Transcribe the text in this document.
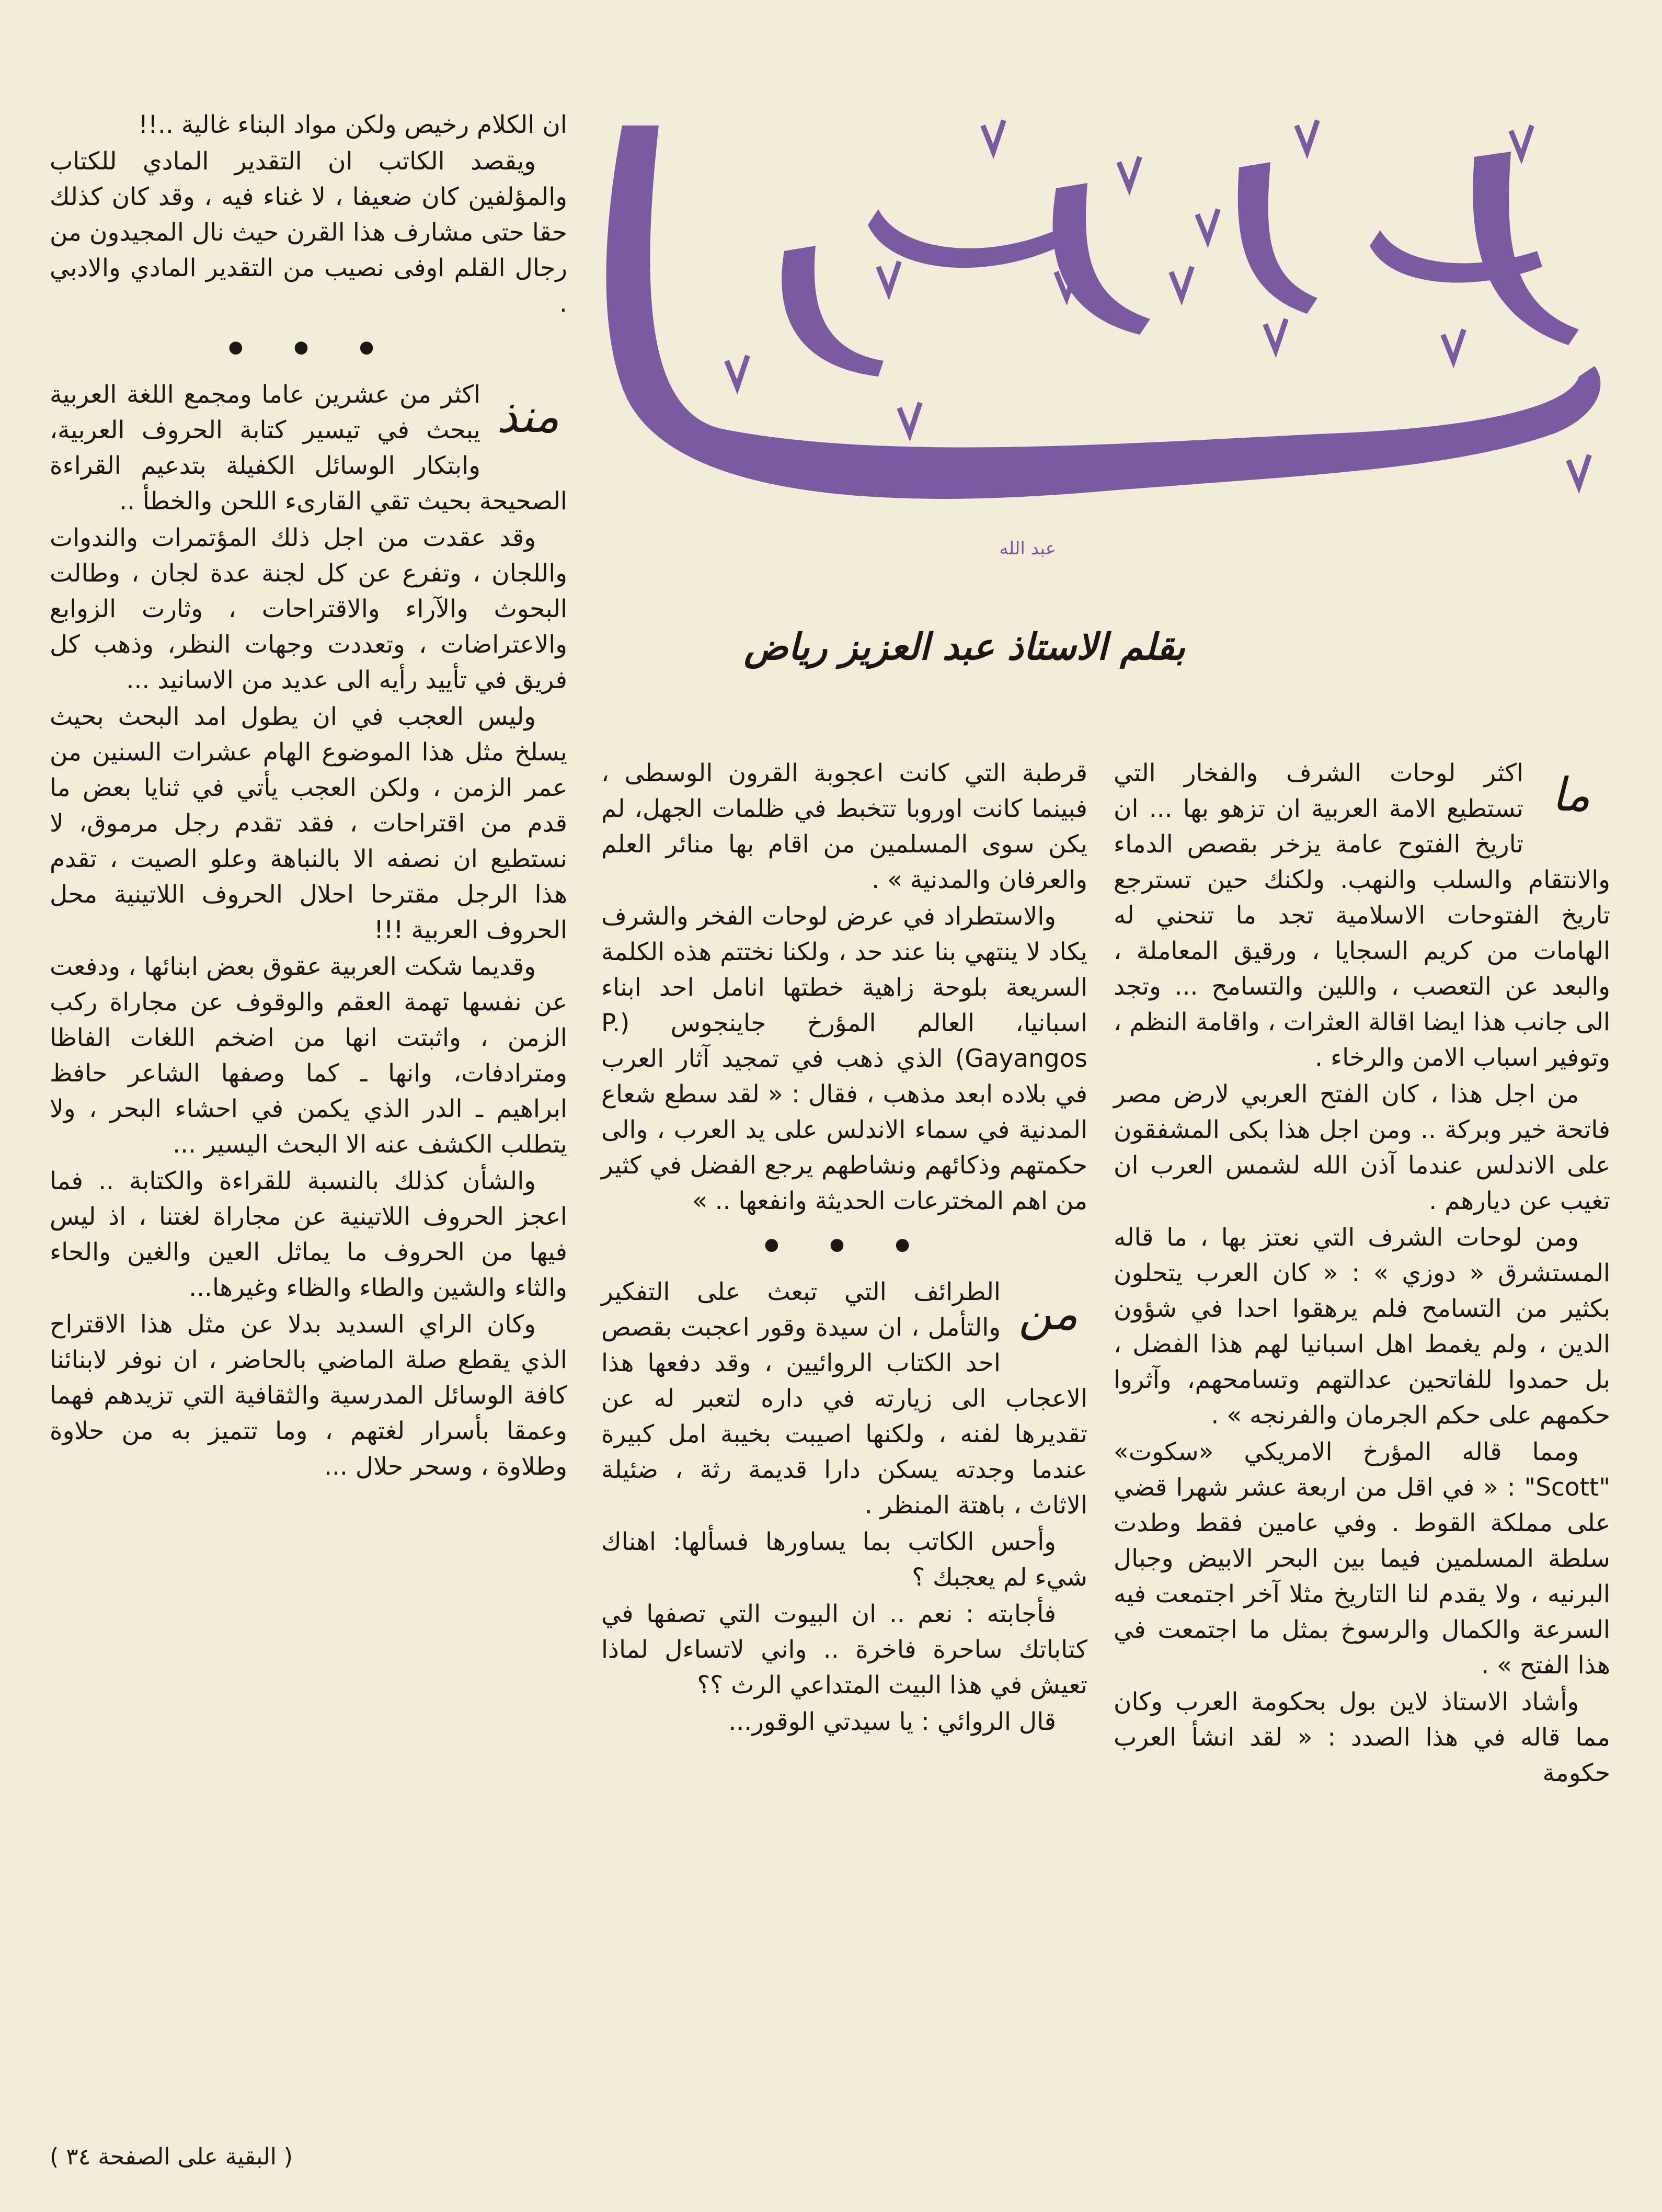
عبد الله
بقلم الاستاذ عبد العزيز رياض

ان الكلام رخيص ولكن مواد البناء غالية ..!!

ويقصد الكاتب ان التقدير المادي للكتاب والمؤلفين كان ضعيفا ، لا غناء فيه ، وقد كان كذلك حقا حتى مشارف هذا القرن حيث نال المجيدون من رجال القلم اوفى نصيب من التقدير المادي والادبي .

• • •

منذ
اكثر من عشرين عاما ومجمع اللغة العربية يبحث في تيسير كتابة الحروف العربية، وابتكار الوسائل الكفيلة بتدعيم القراءة الصحيحة بحيث تقي القارىء اللحن والخطأ ..

وقد عقدت من اجل ذلك المؤتمرات والندوات واللجان ، وتفرع عن كل لجنة عدة لجان ، وطالت البحوث والآراء والاقتراحات ، وثارت الزوابع والاعتراضات ، وتعددت وجهات النظر، وذهب كل فريق في تأييد رأيه الى عديد من الاسانيد ...

وليس العجب في ان يطول امد البحث بحيث يسلخ مثل هذا الموضوع الهام عشرات السنين من عمر الزمن ، ولكن العجب يأتي في ثنايا بعض ما قدم من اقتراحات ، فقد تقدم رجل مرموق، لا نستطيع ان نصفه الا بالنباهة وعلو الصيت ، تقدم هذا الرجل مقترحا احلال الحروف اللاتينية محل الحروف العربية !!!

وقديما شكت العربية عقوق بعض ابنائها ، ودفعت عن نفسها تهمة العقم والوقوف عن مجاراة ركب الزمن ، واثبتت انها من اضخم اللغات الفاظا ومترادفات، وانها ـ كما وصفها الشاعر حافظ ابراهيم ـ الدر الذي يكمن في احشاء البحر ، ولا يتطلب الكشف عنه الا البحث اليسير ...

والشأن كذلك بالنسبة للقراءة والكتابة .. فما اعجز الحروف اللاتينية عن مجاراة لغتنا ، اذ ليس فيها من الحروف ما يماثل العين والغين والحاء والثاء والشين والطاء والظاء وغيرها...

وكان الراي السديد بدلا عن مثل هذا الاقتراح الذي يقطع صلة الماضي بالحاضر ، ان نوفر لابنائنا كافة الوسائل المدرسية والثقافية التي تزيدهم فهما وعمقا بأسرار لغتهم ، وما تتميز به من حلاوة وطلاوة ، وسحر حلال ...

( البقية على الصفحة ٣٤ )

قرطبة التي كانت اعجوبة القرون الوسطى ، فبينما كانت اوروبا تتخبط في ظلمات الجهل، لم يكن سوى المسلمين من اقام بها منائر العلم والعرفان والمدنية » .

والاستطراد في عرض لوحات الفخر والشرف يكاد لا ينتهي بنا عند حد ، ولكنا نختتم هذه الكلمة السريعة بلوحة زاهية خطتها انامل احد ابناء اسبانيا، العالم المؤرخ جاينجوس (P. Gayangos) الذي ذهب في تمجيد آثار العرب في بلاده ابعد مذهب ، فقال : « لقد سطع شعاع المدنية في سماء الاندلس على يد العرب ، والى حكمتهم وذكائهم ونشاطهم يرجع الفضل في كثير من اهم المخترعات الحديثة وانفعها .. »

• • •

من
الطرائف التي تبعث على التفكير والتأمل ، ان سيدة وقور اعجبت بقصص احد الكتاب الروائيين ، وقد دفعها هذا الاعجاب الى زيارته في داره لتعبر له عن تقديرها لفنه ، ولكنها اصيبت بخيبة امل كبيرة عندما وجدته يسكن دارا قديمة رثة ، ضئيلة الاثاث ، باهتة المنظر .

وأحس الكاتب بما يساورها فسألها: اهناك شيء لم يعجبك ؟

فأجابته : نعم .. ان البيوت التي تصفها في كتاباتك ساحرة فاخرة .. واني لاتساءل لماذا تعيش في هذا البيت المتداعي الرث ؟؟

قال الروائي : يا سيدتي الوقور...

ما
اكثر لوحات الشرف والفخار التي تستطيع الامة العربية ان تزهو بها ... ان تاريخ الفتوح عامة يزخر بقصص الدماء والانتقام والسلب والنهب. ولكنك حين تسترجع تاريخ الفتوحات الاسلامية تجد ما تنحني له الهامات من كريم السجايا ، ورقيق المعاملة ، والبعد عن التعصب ، واللين والتسامح ... وتجد الى جانب هذا ايضا اقالة العثرات ، واقامة النظم ، وتوفير اسباب الامن والرخاء .

من اجل هذا ، كان الفتح العربي لارض مصر فاتحة خير وبركة .. ومن اجل هذا بكى المشفقون على الاندلس عندما آذن الله لشمس العرب ان تغيب عن ديارهم .

ومن لوحات الشرف التي نعتز بها ، ما قاله المستشرق « دوزي » : « كان العرب يتحلون بكثير من التسامح فلم يرهقوا احدا في شؤون الدين ، ولم يغمط اهل اسبانيا لهم هذا الفضل ، بل حمدوا للفاتحين عدالتهم وتسامحهم، وآثروا حكمهم على حكم الجرمان والفرنجه » .

ومما قاله المؤرخ الامريكي «سكوت» "Scott" : « في اقل من اربعة عشر شهرا قضي على مملكة القوط . وفي عامين فقط وطدت سلطة المسلمين فيما بين البحر الابيض وجبال البرنيه ، ولا يقدم لنا التاريخ مثلا آخر اجتمعت فيه السرعة والكمال والرسوخ بمثل ما اجتمعت في هذا الفتح » .

وأشاد الاستاذ لاين بول بحكومة العرب وكان مما قاله في هذا الصدد : « لقد انشأ العرب حكومة
